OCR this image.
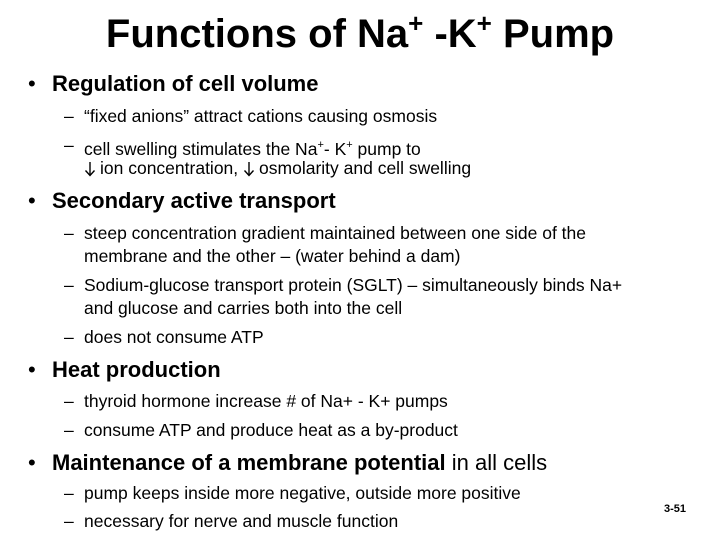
Functions of Na+ -K+ Pump
• Regulation of cell volume
– “fixed anions” attract cations causing osmosis
– cell swelling stimulates the Na+- K+ pump to
ion concentration, osmolarity and cell swelling
• Secondary active transport
– steep concentration gradient maintained between one side of the
membrane and the other – (water behind a dam)
– Sodium-glucose transport protein (SGLT) – simultaneously binds Na+
and glucose and carries both into the cell
– does not consume ATP
• Heat production
– thyroid hormone increase # of Na+ - K+ pumps
– consume ATP and produce heat as a by-product
• Maintenance of a membrane potential in all cells
– pump keeps inside more negative, outside more positive
– necessary for nerve and muscle function
3-51
